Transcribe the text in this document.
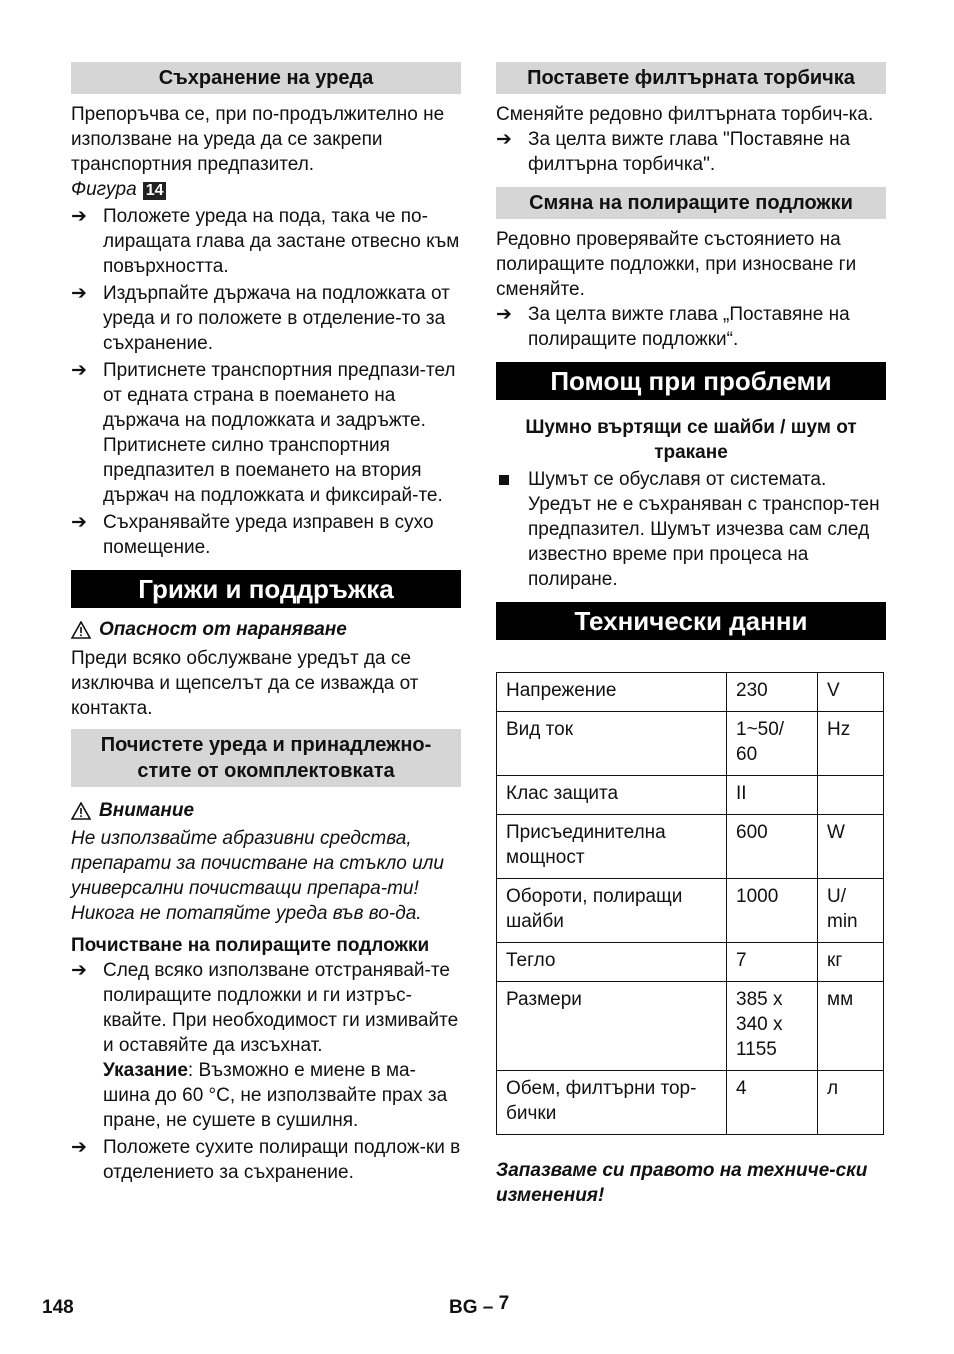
Съхранение на уреда

Препоръчва се, при по-продължително не използване на уреда да се закрепи транспортния предпазител.

Фигура 14

➔ Положете уреда на пода, така че по-лиращата глава да застане отвесно към повърхността.
➔ Издърпайте държача на подложката от уреда и го положете в отделение-то за съхранение.
➔ Притиснете транспортния предпази-тел от едната страна в поемането на държача на подложката и задръжте. Притиснете силно транспортния предпазител в поемането на втория държач на подложката и фиксирай-те.
➔ Съхранявайте уреда изправен в сухо помещение.
Грижи и поддръжка
Опасност от нараняване

Преди всяко обслужване уредът да се изключва и щепселът да се изважда от контакта.

Почистете уреда и принадлежно-стите от окомплектовката
Внимание

Не използвайте абразивни средства, препарати за почистване на стъкло или универсални почистващи препара-ти! Никога не потапяйте уреда във во-да.

Почистване на полиращите подложки

➔ След всяко използване отстранявай-те полиращите подложки и ги изтръс-квайте. При необходимост ги измивайте и оставяйте да изсъхнат.
Указание: Възможно е миене в ма-шина до 60 °C, не използвайте прах за пране, не сушете в сушилня.
➔ Положете сухите полиращи подлож-ки в отделението за съхранение.
Поставете филтърната торбичка

Сменяйте редовно филтърната торбич-ка.

➔ За целта вижте глава "Поставяне на филтърна торбичка".
Смяна на полиращите подложки

Редовно проверявайте състоянието на полиращите подложки, при износване ги сменяйте.

➔ За целта вижте глава „Поставяне на полиращите подложки“.
Помощ при проблеми

Шумно въртящи се шайби / шум от тракане

Шумът се обуславя от системата. Уредът не е съхраняван с транспор-тен предпазител. Шумът изчезва сам след известно време при процеса на полиране.
Технически данни
Напрежение	230	V
Вид ток	1~50/ 60	Hz
Клас защита	II	
Присъединителна мощност	600	W
Обороти, полиращи шайби	1000	U/ min
Тегло	7	кг
Размери	385 x 340 x 1155	мм
Обем, филтърни тор-бички	4	л

Запазваме си правото на техниче-ски изменения!

148	BG – 7
